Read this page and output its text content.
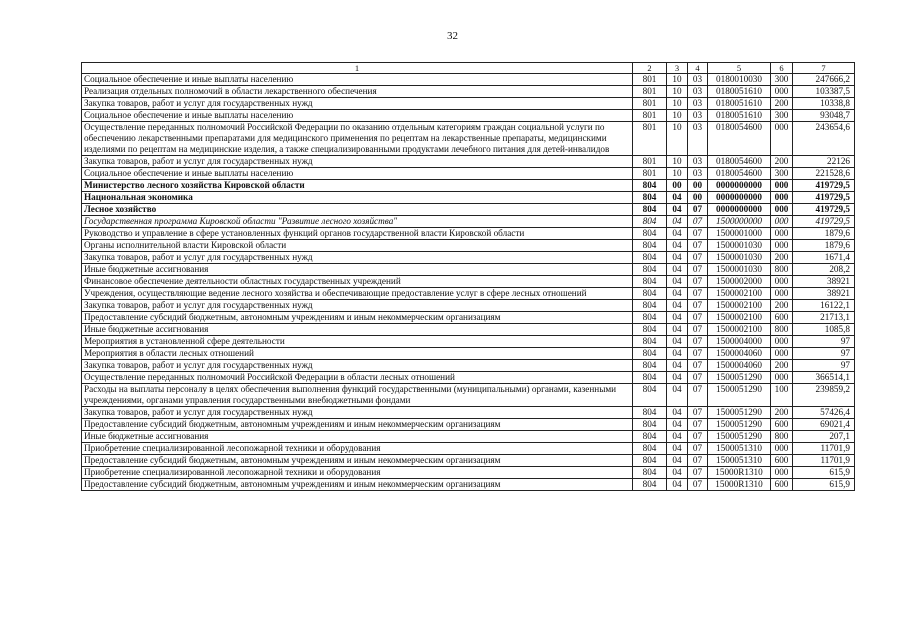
32
1	2	3	4	5	6	7
Социальное обеспечение и иные выплаты населению	801	10	03	0180010030	300	247666,2
Реализация отдельных полномочий в области лекарственного обеспечения	801	10	03	0180051610	000	103387,5
Закупка товаров, работ и услуг для государственных нужд	801	10	03	0180051610	200	10338,8
Социальное обеспечение и иные выплаты населению	801	10	03	0180051610	300	93048,7
Осуществление переданных полномочий Российской Федерации по оказанию отдельным категориям граждан социальной услуги по обеспечению лекарственными препаратами для медицинского применения по рецептам на лекарственные препараты, медицинскими изделиями по рецептам на медицинские изделия, а также специализированными продуктами лечебного питания для детей-инвалидов	801	10	03	0180054600	000	243654,6
Закупка товаров, работ и услуг для государственных нужд	801	10	03	0180054600	200	22126
Социальное обеспечение и иные выплаты населению	801	10	03	0180054600	300	221528,6
Министерство лесного хозяйства Кировской области	804	00	00	0000000000	000	419729,5
Национальная экономика	804	04	00	0000000000	000	419729,5
Лесное хозяйство	804	04	07	0000000000	000	419729,5
Государственная программа Кировской области "Развитие лесного хозяйства"	804	04	07	1500000000	000	419729,5
Руководство и управление в сфере установленных функций органов государственной власти Кировской области	804	04	07	1500001000	000	1879,6
Органы исполнительной власти Кировской области	804	04	07	1500001030	000	1879,6
Закупка товаров, работ и услуг для государственных нужд	804	04	07	1500001030	200	1671,4
Иные бюджетные ассигнования	804	04	07	1500001030	800	208,2
Финансовое обеспечение деятельности областных государственных учреждений	804	04	07	1500002000	000	38921
Учреждения, осуществляющие ведение лесного хозяйства и обеспечивающие предоставление услуг в сфере лесных отношений	804	04	07	1500002100	000	38921
Закупка товаров, работ и услуг для государственных нужд	804	04	07	1500002100	200	16122,1
Предоставление субсидий бюджетным, автономным учреждениям и иным некоммерческим организациям	804	04	07	1500002100	600	21713,1
Иные бюджетные ассигнования	804	04	07	1500002100	800	1085,8
Мероприятия в установленной сфере деятельности	804	04	07	1500004000	000	97
Мероприятия в области лесных отношений	804	04	07	1500004060	000	97
Закупка товаров, работ и услуг для государственных нужд	804	04	07	1500004060	200	97
Осуществление переданных полномочий Российской Федерации в области лесных отношений	804	04	07	1500051290	000	366514,1
Расходы на выплаты персоналу в целях обеспечения выполнения функций государственными (муниципальными) органами, казенными учреждениями, органами управления государственными внебюджетными фондами	804	04	07	1500051290	100	239859,2
Закупка товаров, работ и услуг для государственных нужд	804	04	07	1500051290	200	57426,4
Предоставление субсидий бюджетным, автономным учреждениям и иным некоммерческим организациям	804	04	07	1500051290	600	69021,4
Иные бюджетные ассигнования	804	04	07	1500051290	800	207,1
Приобретение специализированной лесопожарной техники и оборудования	804	04	07	1500051310	000	11701,9
Предоставление субсидий бюджетным, автономным учреждениям и иным некоммерческим организациям	804	04	07	1500051310	600	11701,9
Приобретение специализированной лесопожарной техники и оборудования	804	04	07	15000R1310	000	615,9
Предоставление субсидий бюджетным, автономным учреждениям и иным некоммерческим организациям	804	04	07	15000R1310	600	615,9
